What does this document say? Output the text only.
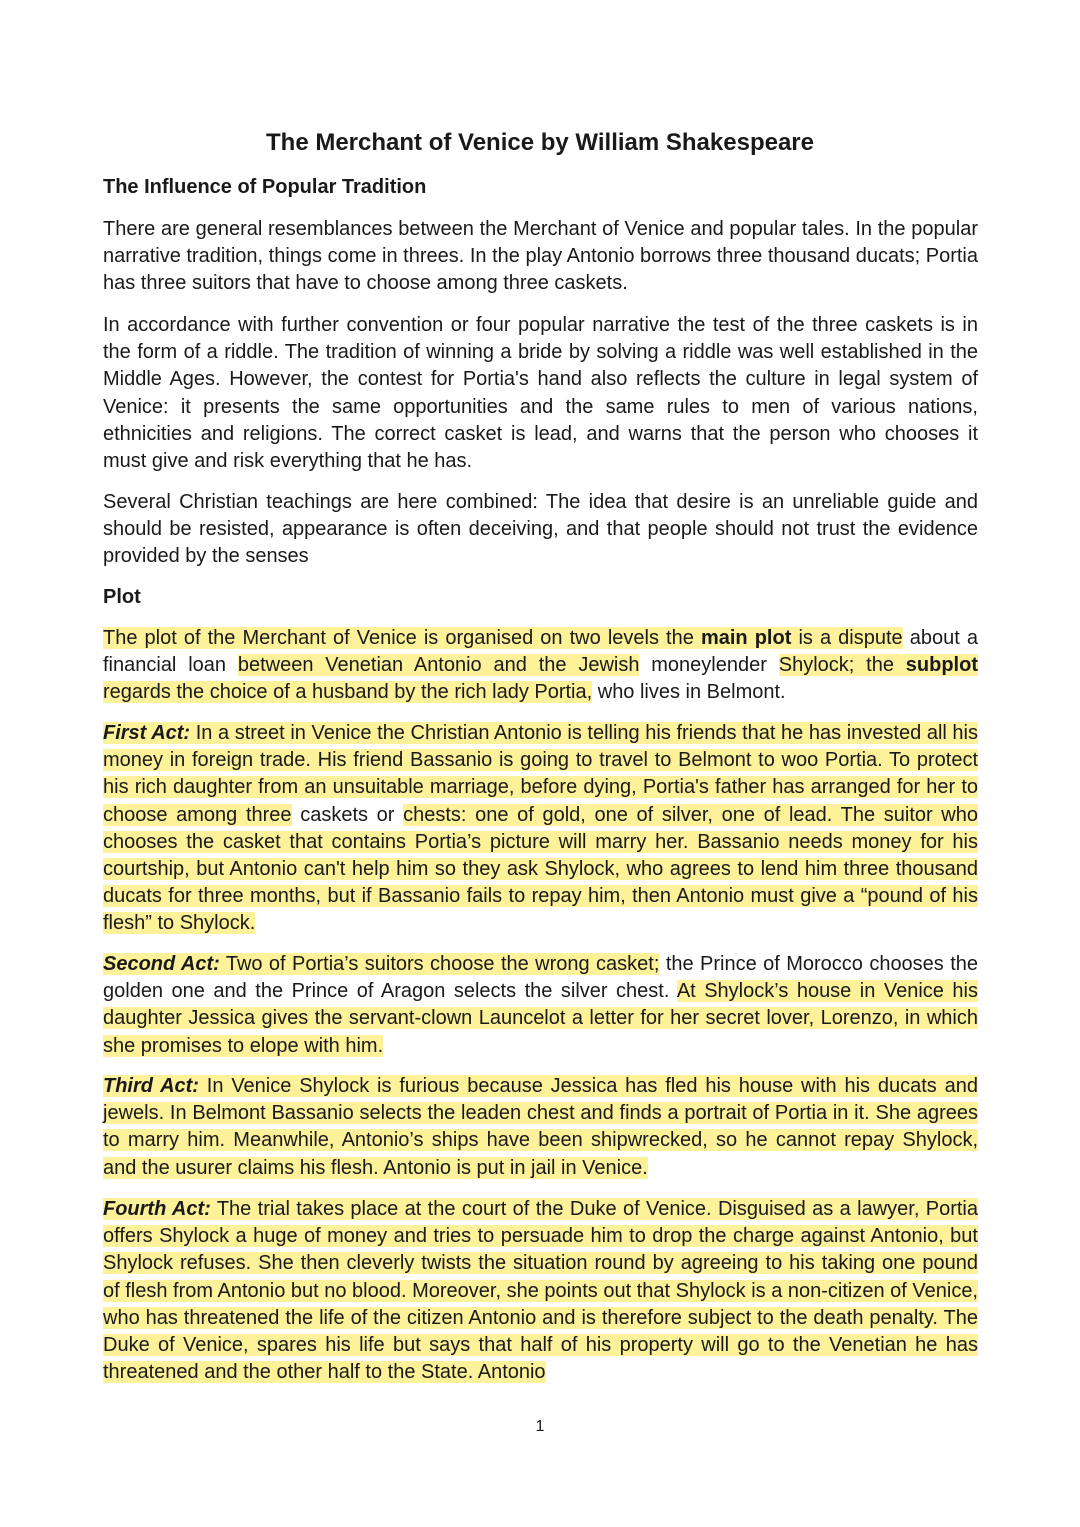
The Merchant of Venice by William Shakespeare
The Influence of Popular Tradition

There are general resemblances between the Merchant of Venice and popular tales. In the popular narrative tradition, things come in threes. In the play Antonio borrows three thousand ducats; Portia has three suitors that have to choose among three caskets.

In accordance with further convention or four popular narrative the test of the three caskets is in the form of a riddle. The tradition of winning a bride by solving a riddle was well established in the Middle Ages. However, the contest for Portia's hand also reflects the culture in legal system of Venice: it presents the same opportunities and the same rules to men of various nations, ethnicities and religions. The correct casket is lead, and warns that the person who chooses it must give and risk everything that he has.

Several Christian teachings are here combined: The idea that desire is an unreliable guide and should be resisted, appearance is often deceiving, and that people should not trust the evidence provided by the senses

Plot

The plot of the Merchant of Venice is organised on two levels the main plot is a dispute about a financial loan between Venetian Antonio and the Jewish moneylender Shylock; the subplot regards the choice of a husband by the rich lady Portia, who lives in Belmont.

First Act: In a street in Venice the Christian Antonio is telling his friends that he has invested all his money in foreign trade. His friend Bassanio is going to travel to Belmont to woo Portia. To protect his rich daughter from an unsuitable marriage, before dying, Portia's father has arranged for her to choose among three caskets or chests: one of gold, one of silver, one of lead. The suitor who chooses the casket that contains Portia’s picture will marry her. Bassanio needs money for his courtship, but Antonio can't help him so they ask Shylock, who agrees to lend him three thousand ducats for three months, but if Bassanio fails to repay him, then Antonio must give a “pound of his flesh” to Shylock.

Second Act: Two of Portia’s suitors choose the wrong casket; the Prince of Morocco chooses the golden one and the Prince of Aragon selects the silver chest. At Shylock’s house in Venice his daughter Jessica gives the servant-clown Launcelot a letter for her secret lover, Lorenzo, in which she promises to elope with him.

Third Act: In Venice Shylock is furious because Jessica has fled his house with his ducats and jewels. In Belmont Bassanio selects the leaden chest and finds a portrait of Portia in it. She agrees to marry him. Meanwhile, Antonio’s ships have been shipwrecked, so he cannot repay Shylock, and the usurer claims his flesh. Antonio is put in jail in Venice.

Fourth Act: The trial takes place at the court of the Duke of Venice. Disguised as a lawyer, Portia offers Shylock a huge of money and tries to persuade him to drop the charge against Antonio, but Shylock refuses. She then cleverly twists the situation round by agreeing to his taking one pound of flesh from Antonio but no blood. Moreover, she points out that Shylock is a non-citizen of Venice, who has threatened the life of the citizen Antonio and is therefore subject to the death penalty. The Duke of Venice, spares his life but says that half of his property will go to the Venetian he has threatened and the other half to the State. Antonio

1
